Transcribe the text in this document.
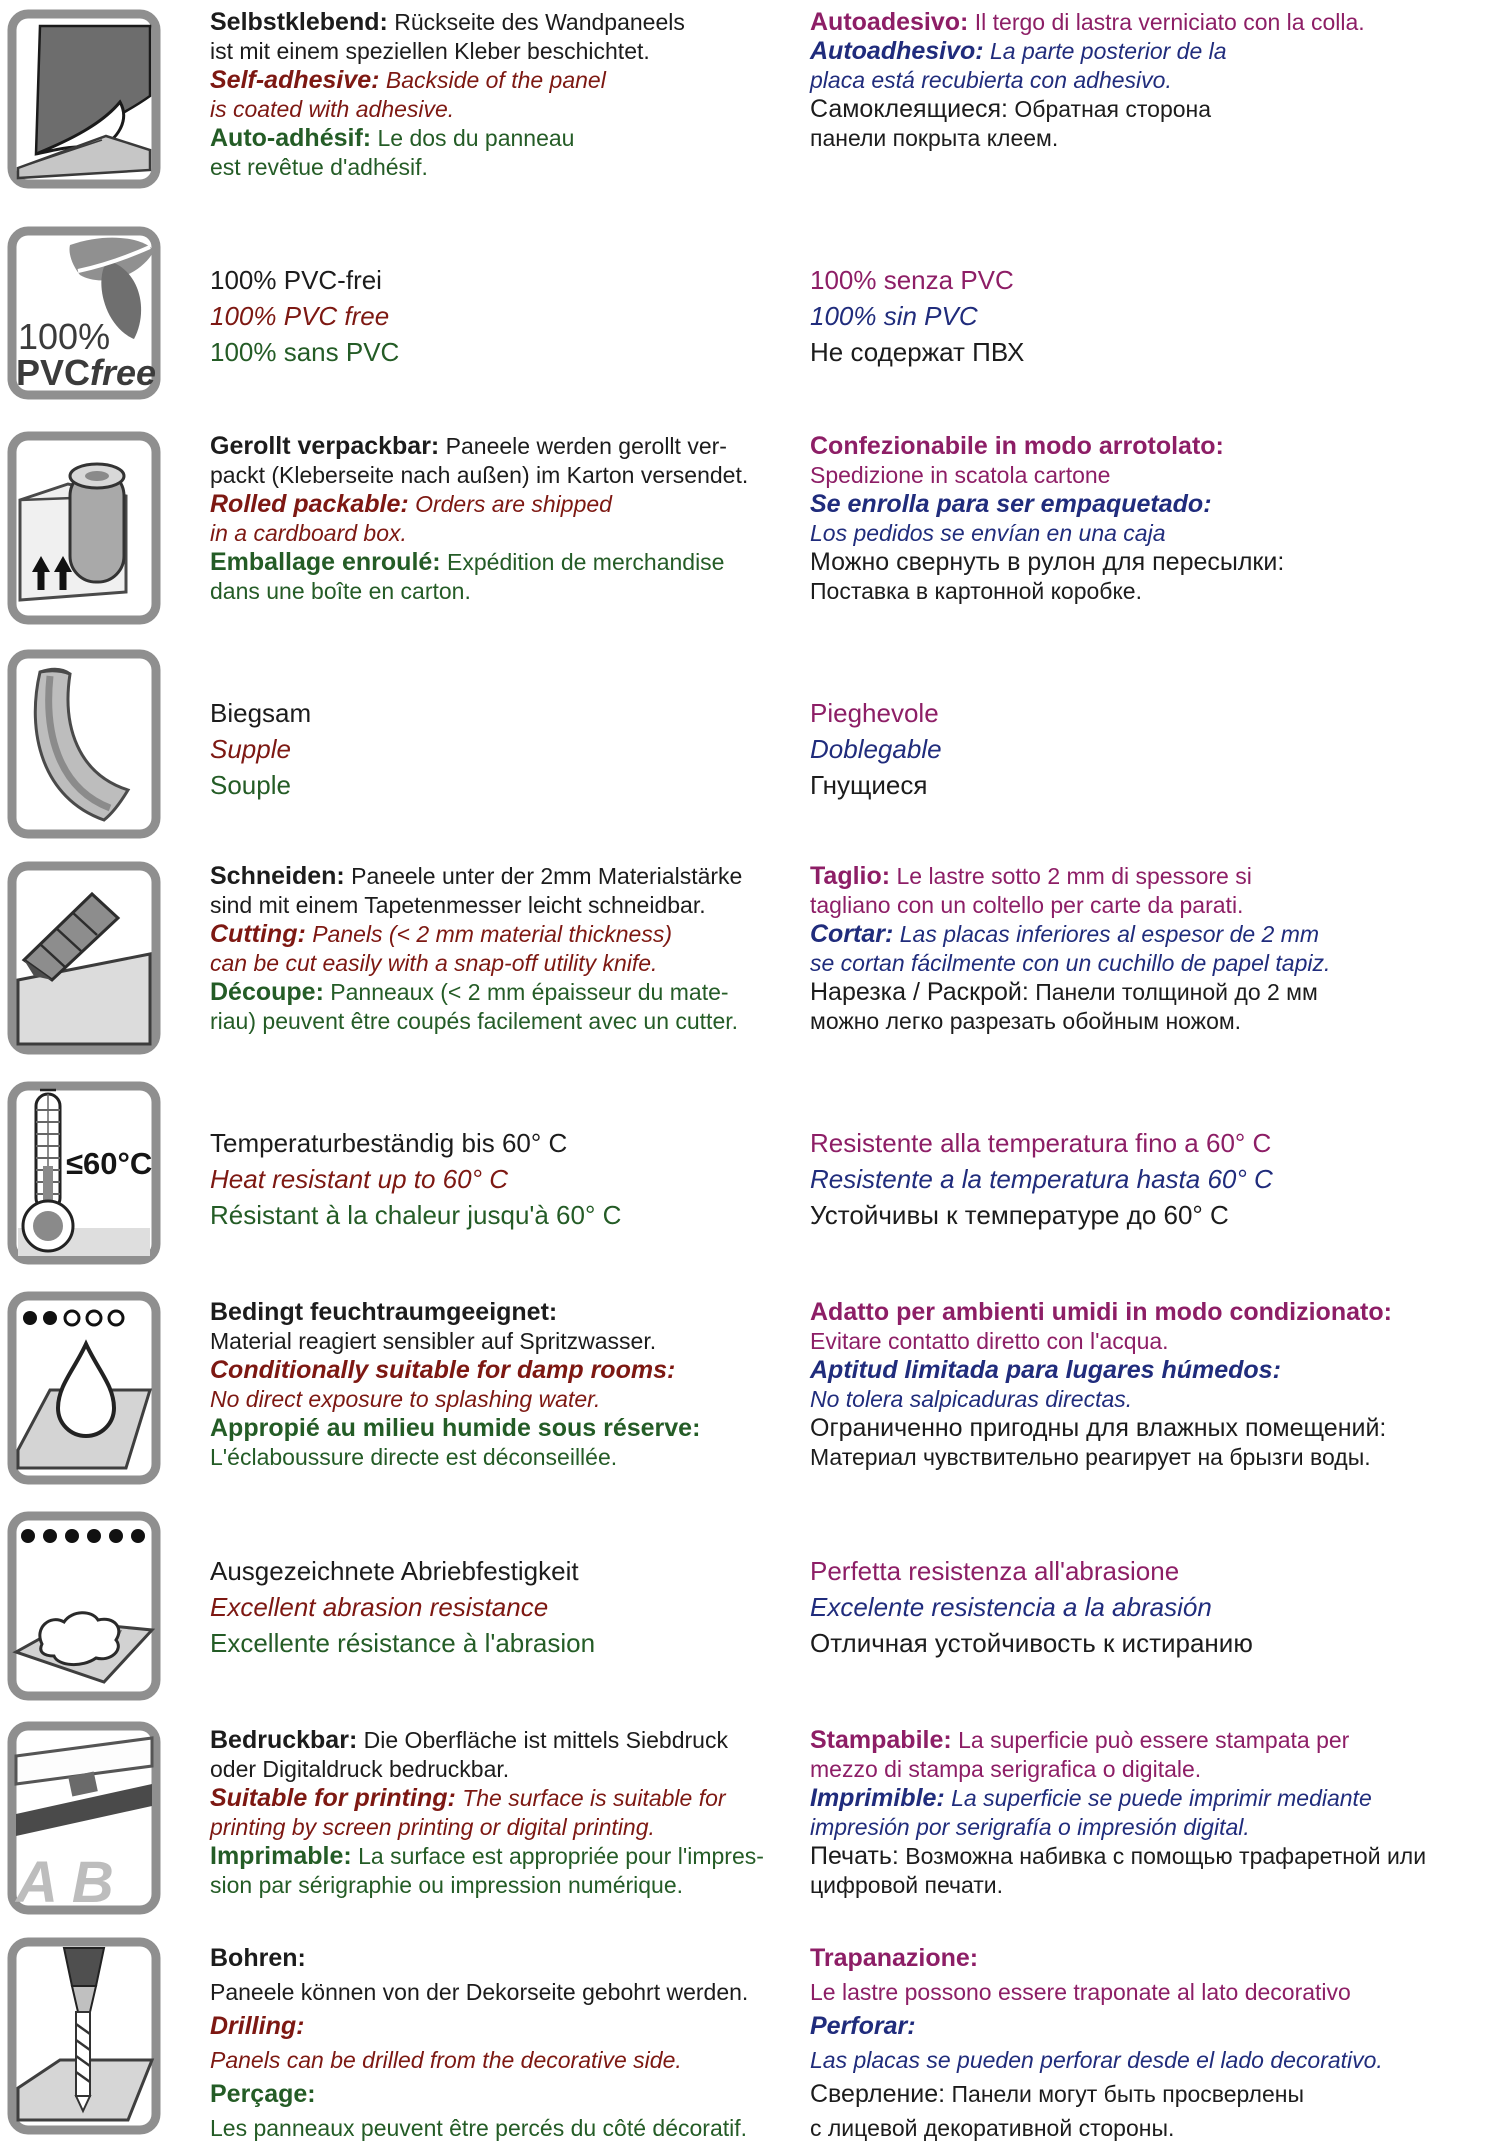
Selbstklebend: Rückseite des Wandpaneels

ist mit einem speziellen Kleber beschichtet.

Self-adhesive: Backside of the panel

is coated with adhesive.

Auto-adhésif: Le dos du panneau

est revêtue d'adhésif.

Autoadesivo: Il tergo di lastra verniciato con la colla.

Autoadhesivo: La parte posterior de la

placa está recubierta con adhesivo.

Самоклеящиеся: Обратная сторона

панели покрыта клеем.

100%
PVCfree

100% PVC-frei

100% PVC free

100% sans PVC

100% senza PVC

100% sin PVC

Не содержат ПВХ

Gerollt verpackbar: Paneele werden gerollt ver-

packt (Kleberseite nach außen) im Karton versendet.

Rolled packable: Orders are shipped

in a cardboard box.

Emballage enroulé: Expédition de merchandise

dans une boîte en carton.

Confezionabile in modo arrotolato:

Spedizione in scatola cartone

Se enrolla para ser empaquetado:

Los pedidos se envían en una caja

Можно свернуть в рулон для пересылки:

Поставка в картонной коробке.

Biegsam

Supple

Souple

Pieghevole

Doblegable

Гнущиеся

Schneiden: Paneele unter der 2mm Materialstärke

sind mit einem Tapetenmesser leicht schneidbar.

Cutting: Panels (< 2 mm material thickness)

can be cut easily with a snap-off utility knife.

Découpe: Panneaux (< 2 mm épaisseur du mate-

riau) peuvent être coupés facilement avec un cutter.

Taglio: Le lastre sotto 2 mm di spessore si

tagliano con un coltello per carte da parati.

Cortar: Las placas inferiores al espesor de 2 mm

se cortan fácilmente con un cuchillo de papel tapiz.

Нарезка / Раскрой: Панели толщиной до 2 мм

можно легко разрезать обойным ножом.

≤60°C

Temperaturbeständig bis 60° C

Heat resistant up to 60° C

Résistant à la chaleur jusqu'à 60° C

Resistente alla temperatura fino a 60° C

Resistente a la temperatura hasta 60° C

Устойчивы к температуре до 60° C

Bedingt feuchtraumgeeignet:

Material reagiert sensibler auf Spritzwasser.

Conditionally suitable for damp rooms:

No direct exposure to splashing water.

Appropié au milieu humide sous réserve:

L'éclaboussure directe est déconseillée.

Adatto per ambienti umidi in modo condizionato:

Evitare contatto diretto con l'acqua.

Aptitud limitada para lugares húmedos:

No tolera salpicaduras directas.

Ограниченно пригодны для влажных помещений:

Материал чувствительно реагирует на брызги воды.

Ausgezeichnete Abriebfestigkeit

Excellent abrasion resistance

Excellente résistance à l'abrasion

Perfetta resistenza all'abrasione

Excelente resistencia a la abrasión

Отличная устойчивость к истиранию

A B

Bedruckbar: Die Oberfläche ist mittels Siebdruck

oder Digitaldruck bedruckbar.

Suitable for printing: The surface is suitable for

printing by screen printing or digital printing.

Imprimable: La surface est appropriée pour l'impres-

sion par sérigraphie ou impression numérique.

Stampabile: La superficie può essere stampata per

mezzo di stampa serigrafica o digitale.

Imprimible: La superficie se puede imprimir mediante

impresión por serigrafía o impresión digital.

Печать: Возможна набивка с помощью трафаретной или

цифровой печати.

Bohren:

Paneele können von der Dekorseite gebohrt werden.

Drilling:

Panels can be drilled from the decorative side.

Perçage:

Les panneaux peuvent être percés du côté décoratif.

Trapanazione:

Le lastre possono essere traponate al lato decorativo

Perforar:

Las placas se pueden perforar desde el lado decorativo.

Сверление: Панели могут быть просверлены

с лицевой декоративной стороны.
